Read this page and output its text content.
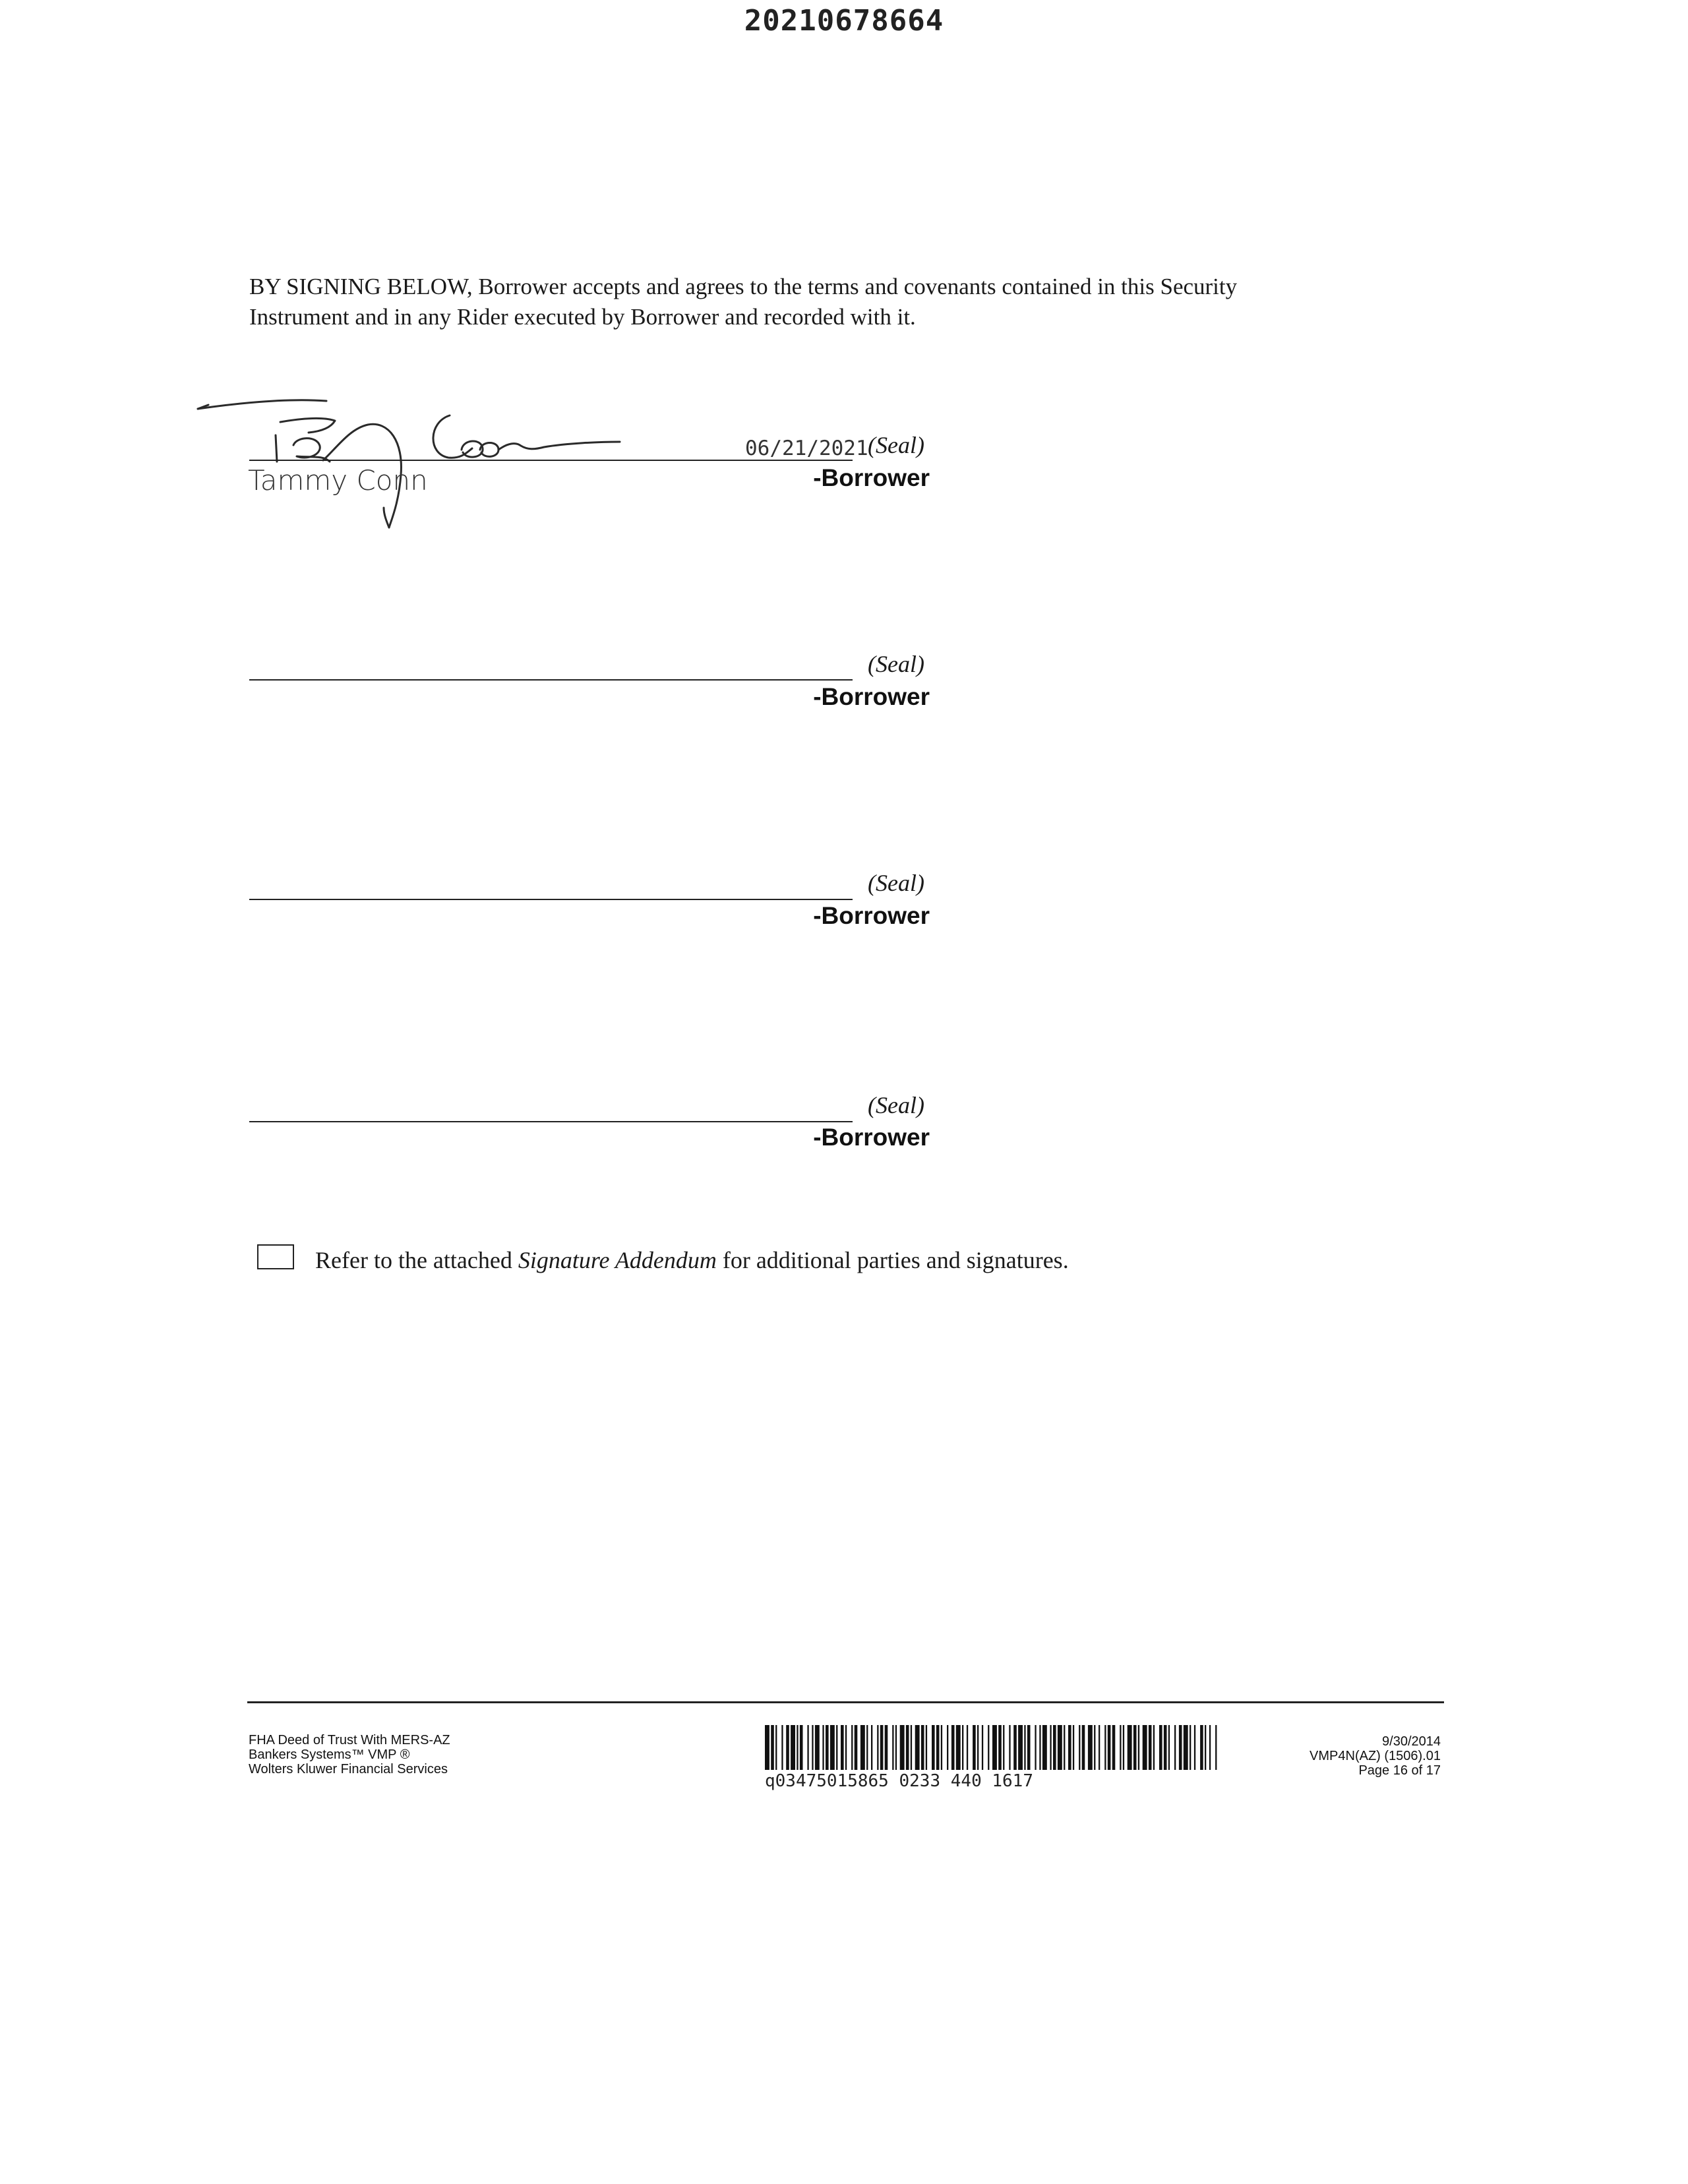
20210678664
BY SIGNING BELOW, Borrower accepts and agrees to the terms and covenants contained in this Security
Instrument and in any Rider executed by Borrower and recorded with it.
06/21/2021 (Seal)
Tammy Conn	-Borrower
(Seal)
-Borrower
(Seal)
-Borrower
(Seal)
-Borrower
Refer to the attached Signature Addendum for additional parties and signatures.
FHA Deed of Trust With MERS-AZ
Bankers Systems™ VMP ®
Wolters Kluwer Financial Services
q03475015865 0233 440 1617
9/30/2014
VMP4N(AZ) (1506).01
Page 16 of 17
